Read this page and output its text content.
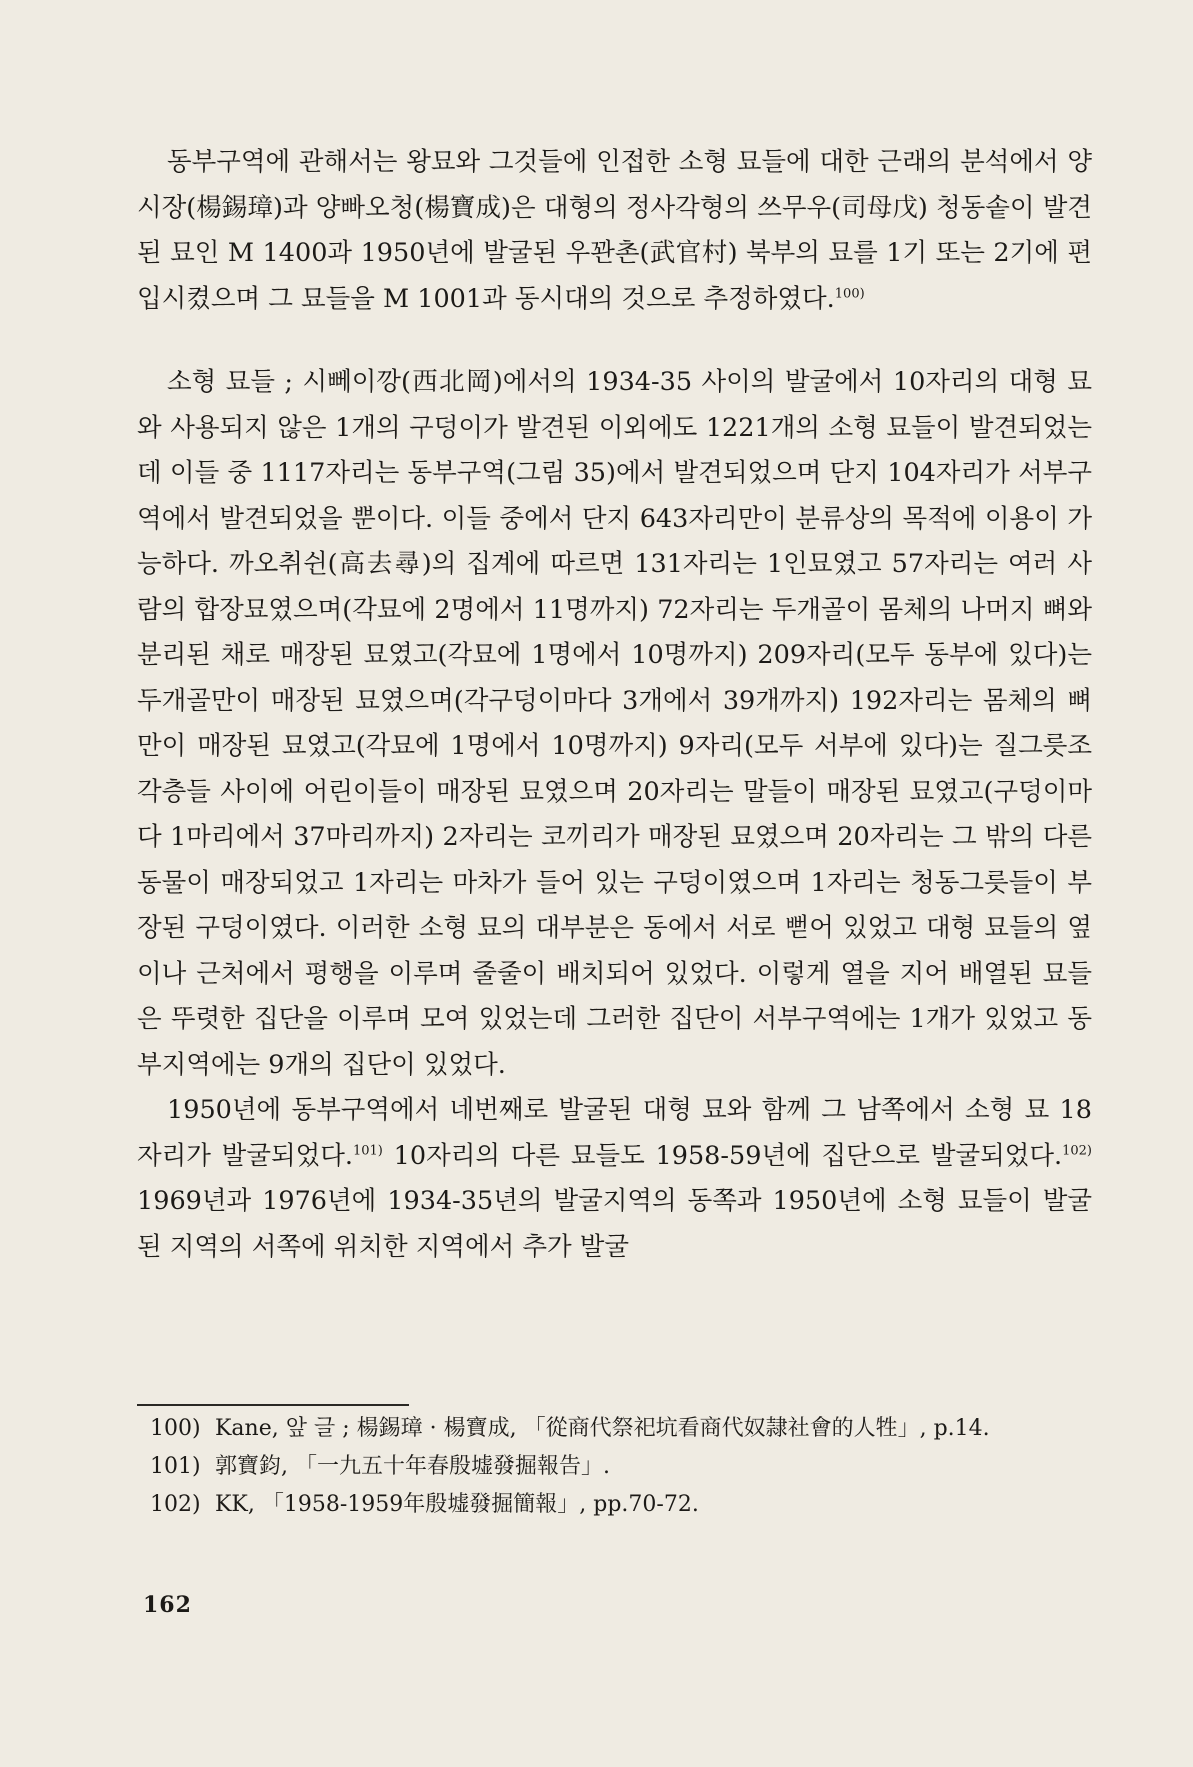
동부구역에 관해서는 왕묘와 그것들에 인접한 소형 묘들에 대한 근래의 분석에서 양시장(楊錫璋)과 양빠오청(楊寶成)은 대형의 정사각형의 쓰무우(司母戊) 청동솥이 발견된 묘인 M 1400과 1950년에 발굴된 우꽌촌(武官村) 북부의 묘를 1기 또는 2기에 편입시켰으며 그 묘들을 M 1001과 동시대의 것으로 추정하였다.$^{100)}$

소형 묘들 ; 시뻬이깡(西北岡)에서의 1934-35 사이의 발굴에서 10자리의 대형 묘와 사용되지 않은 1개의 구덩이가 발견된 이외에도 1221개의 소형 묘들이 발견되었는데 이들 중 1117자리는 동부구역(그림 35)에서 발견되었으며 단지 104자리가 서부구역에서 발견되었을 뿐이다. 이들 중에서 단지 643자리만이 분류상의 목적에 이용이 가능하다. 까오취쉰(高去尋)의 집계에 따르면 131자리는 1인묘였고 57자리는 여러 사람의 합장묘였으며(각묘에 2명에서 11명까지) 72자리는 두개골이 몸체의 나머지 뼈와 분리된 채로 매장된 묘였고(각묘에 1명에서 10명까지) 209자리(모두 동부에 있다)는 두개골만이 매장된 묘였으며(각구덩이마다 3개에서 39개까지) 192자리는 몸체의 뼈만이 매장된 묘였고(각묘에 1명에서 10명까지) 9자리(모두 서부에 있다)는 질그릇조각층들 사이에 어린이들이 매장된 묘였으며 20자리는 말들이 매장된 묘였고(구덩이마다 1마리에서 37마리까지) 2자리는 코끼리가 매장된 묘였으며 20자리는 그 밖의 다른 동물이 매장되었고 1자리는 마차가 들어 있는 구덩이였으며 1자리는 청동그릇들이 부장된 구덩이였다. 이러한 소형 묘의 대부분은 동에서 서로 뻗어 있었고 대형 묘들의 옆이나 근처에서 평행을 이루며 줄줄이 배치되어 있었다. 이렇게 열을 지어 배열된 묘들은 뚜렷한 집단을 이루며 모여 있었는데 그러한 집단이 서부구역에는 1개가 있었고 동부지역에는 9개의 집단이 있었다.

1950년에 동부구역에서 네번째로 발굴된 대형 묘와 함께 그 남쪽에서 소형 묘 18자리가 발굴되었다.$^{101)}$ 10자리의 다른 묘들도 1958-59년에 집단으로 발굴되었다.$^{102)}$ 1969년과 1976년에 1934-35년의 발굴지역의 동쪽과 1950년에 소형 묘들이 발굴된 지역의 서쪽에 위치한 지역에서 추가 발굴

100) Kane, 앞 글 ; 楊錫璋 · 楊寶成, 「從商代祭祀坑看商代奴隷社會的人牲」, p.14.
101) 郭寶鈞, 「一九五十年春殷墟發掘報告」.
102) KK, 「1958-1959年殷墟發掘簡報」, pp.70-72.
162
